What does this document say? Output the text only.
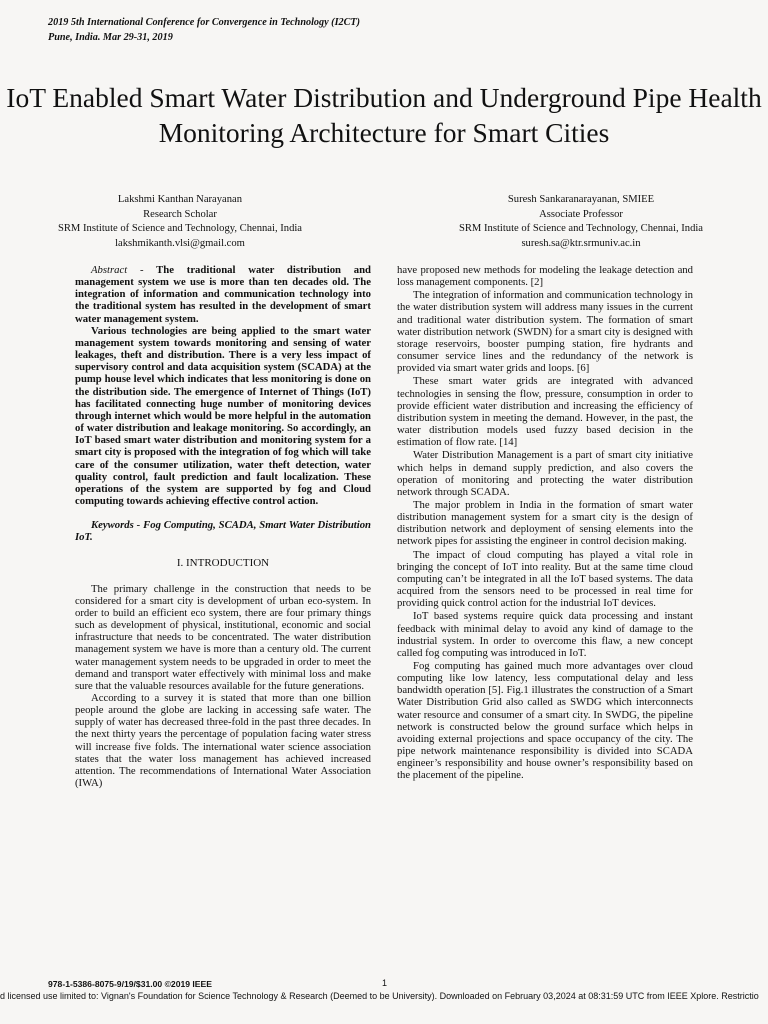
2019 5th International Conference for Convergence in Technology (I2CT)
Pune, India. Mar 29-31, 2019
IoT Enabled Smart Water Distribution and Underground Pipe Health Monitoring Architecture for Smart Cities
Lakshmi Kanthan Narayanan
Research Scholar
SRM Institute of Science and Technology, Chennai, India
lakshmikanth.vlsi@gmail.com
Suresh Sankaranarayanan, SMIEE
Associate Professor
SRM Institute of Science and Technology, Chennai, India
suresh.sa@ktr.srmuniv.ac.in

Abstract - The traditional water distribution and management system we use is more than ten decades old. The integration of information and communication technology into the traditional system has resulted in the development of smart water management system.

Various technologies are being applied to the smart water management system towards monitoring and sensing of water leakages, theft and distribution. There is a very less impact of supervisory control and data acquisition system (SCADA) at the pump house level which indicates that less monitoring is done on the distribution side. The emergence of Internet of Things (IoT) has facilitated connecting huge number of monitoring devices through internet which would be more helpful in the automation of water distribution and leakage monitoring. So accordingly, an IoT based smart water distribution and monitoring system for a smart city is proposed with the integration of fog which will take care of the consumer utilization, water theft detection, water quality control, fault prediction and fault localization. These operations of the system are supported by fog and Cloud computing towards achieving effective control action.

Keywords - Fog Computing, SCADA, Smart Water Distribution IoT.

I. INTRODUCTION

The primary challenge in the construction that needs to be considered for a smart city is development of urban eco-system. In order to build an efficient eco system, there are four primary things such as development of physical, institutional, economic and social infrastructure that needs to be concentrated. The water distribution management system we have is more than a century old. The current water management system needs to be upgraded in order to meet the demand and transport water effectively with minimal loss and make sure that the valuable resources available for the future generations.

According to a survey it is stated that more than one billion people around the globe are lacking in accessing safe water. The supply of water has decreased three-fold in the past three decades. In the next thirty years the percentage of population facing water stress will increase five folds. The international water science association states that the water loss management has achieved increased attention. The recommendations of International Water Association (IWA)

have proposed new methods for modeling the leakage detection and loss management components. [2]

The integration of information and communication technology in the water distribution system will address many issues in the current and traditional water distribution system. The formation of smart water distribution network (SWDN) for a smart city is designed with storage reservoirs, booster pumping station, fire hydrants and consumer service lines and the redundancy of the network is provided via smart water grids and loops. [6]

These smart water grids are integrated with advanced technologies in sensing the flow, pressure, consumption in order to provide efficient water distribution and increasing the efficiency of distribution system in meeting the demand. However, in the past, the water distribution models used fuzzy based decision in the estimation of flow rate. [14]

Water Distribution Management is a part of smart city initiative which helps in demand supply prediction, and also covers the operation of monitoring and protecting the water distribution network through SCADA.

The major problem in India in the formation of smart water distribution management system for a smart city is the design of distribution network and deployment of sensing elements into the network pipes for assisting the engineer in control decision making.

The impact of cloud computing has played a vital role in bringing the concept of IoT into reality. But at the same time cloud computing can’t be integrated in all the IoT based systems. The data acquired from the sensors need to be processed in real time for providing quick control action for the industrial IoT devices.

IoT based systems require quick data processing and instant feedback with minimal delay to avoid any kind of damage to the industrial system. In order to overcome this flaw, a new concept called fog computing was introduced in IoT.

Fog computing has gained much more advantages over cloud computing like low latency, less computational delay and less bandwidth operation [5]. Fig.1 illustrates the construction of a Smart Water Distribution Grid also called as SWDG which interconnects water resource and consumer of a smart city. In SWDG, the pipeline network is constructed below the ground surface which helps in avoiding external projections and space occupancy of the city. The pipe network maintenance responsibility is divided into SCADA engineer’s responsibility and house owner’s responsibility based on the placement of the pipeline.

978-1-5386-8075-9/19/$31.00 ©2019 IEEE	1
d licensed use limited to: Vignan's Foundation for Science Technology & Research (Deemed to be University). Downloaded on February 03,2024 at 08:31:59 UTC from IEEE Xplore. Restrictio
